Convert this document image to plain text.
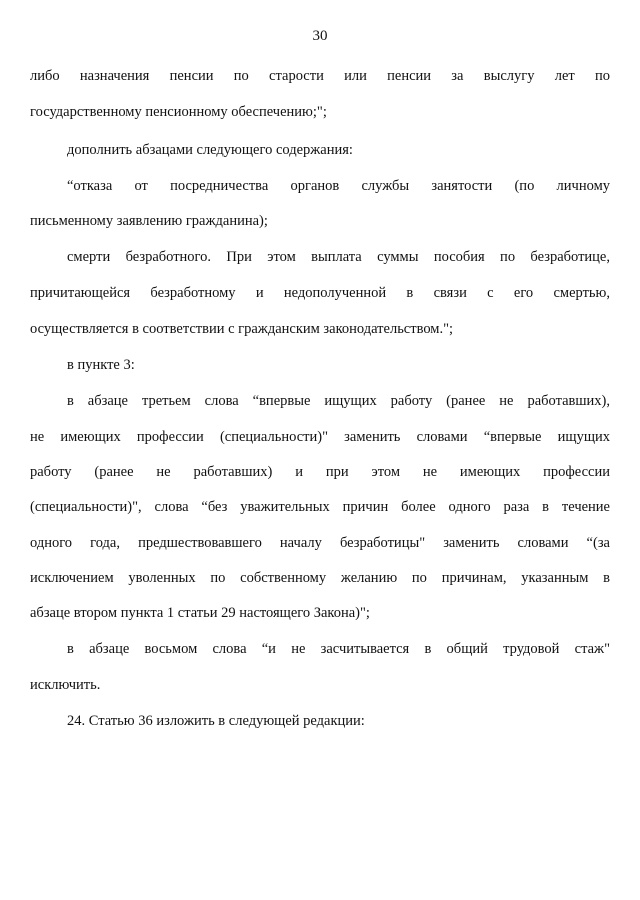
30
либо назначения пенсии по старости или пенсии за выслугу лет по
государственному пенсионному обеспечению;";
дополнить абзацами следующего содержания:
“отказа от посредничества органов службы занятости (по личному
письменному заявлению гражданина);
смерти безработного. При этом выплата суммы пособия по безработице,
причитающейся безработному и недополученной в связи с его смертью,
осуществляется в соответствии с гражданским законодательством.";
в пункте 3:
в абзаце третьем слова “впервые ищущих работу (ранее не работавших),
не имеющих профессии (специальности)" заменить словами “впервые ищущих
работу (ранее не работавших) и при этом не имеющих профессии
(специальности)", слова “без уважительных причин более одного раза в течение
одного года, предшествовавшего началу безработицы" заменить словами “(за
исключением уволенных по собственному желанию по причинам, указанным в
абзаце втором пункта 1 статьи 29 настоящего Закона)";
в абзаце восьмом слова “и не засчитывается в общий трудовой стаж"
исключить.
24. Статью 36 изложить в следующей редакции:
